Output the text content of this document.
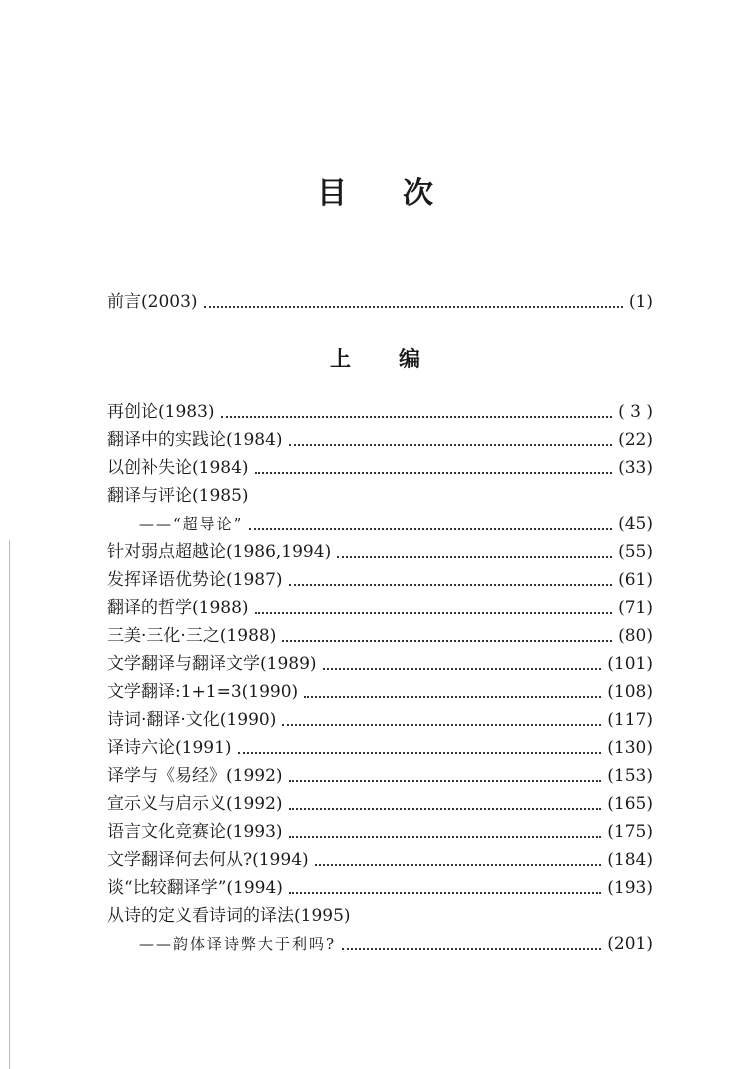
目 次
前言(2003)	(1)
上 编
再创论(1983)	( 3 )
翻译中的实践论(1984)	(22)
以创补失论(1984)	(33)
翻译与评论(1985)
——“超导论”	(45)
针对弱点超越论(1986,1994)	(55)
发挥译语优势论(1987)	(61)
翻译的哲学(1988)	(71)
三美·三化·三之(1988)	(80)
文学翻译与翻译文学(1989)	(101)
文学翻译:1+1=3(1990)	(108)
诗词·翻译·文化(1990)	(117)
译诗六论(1991)	(130)
译学与《易经》(1992)	(153)
宣示义与启示义(1992)	(165)
语言文化竞赛论(1993)	(175)
文学翻译何去何从?(1994)	(184)
谈“比较翻译学”(1994)	(193)
从诗的定义看诗词的译法(1995)
——韵体译诗弊大于利吗?	(201)
